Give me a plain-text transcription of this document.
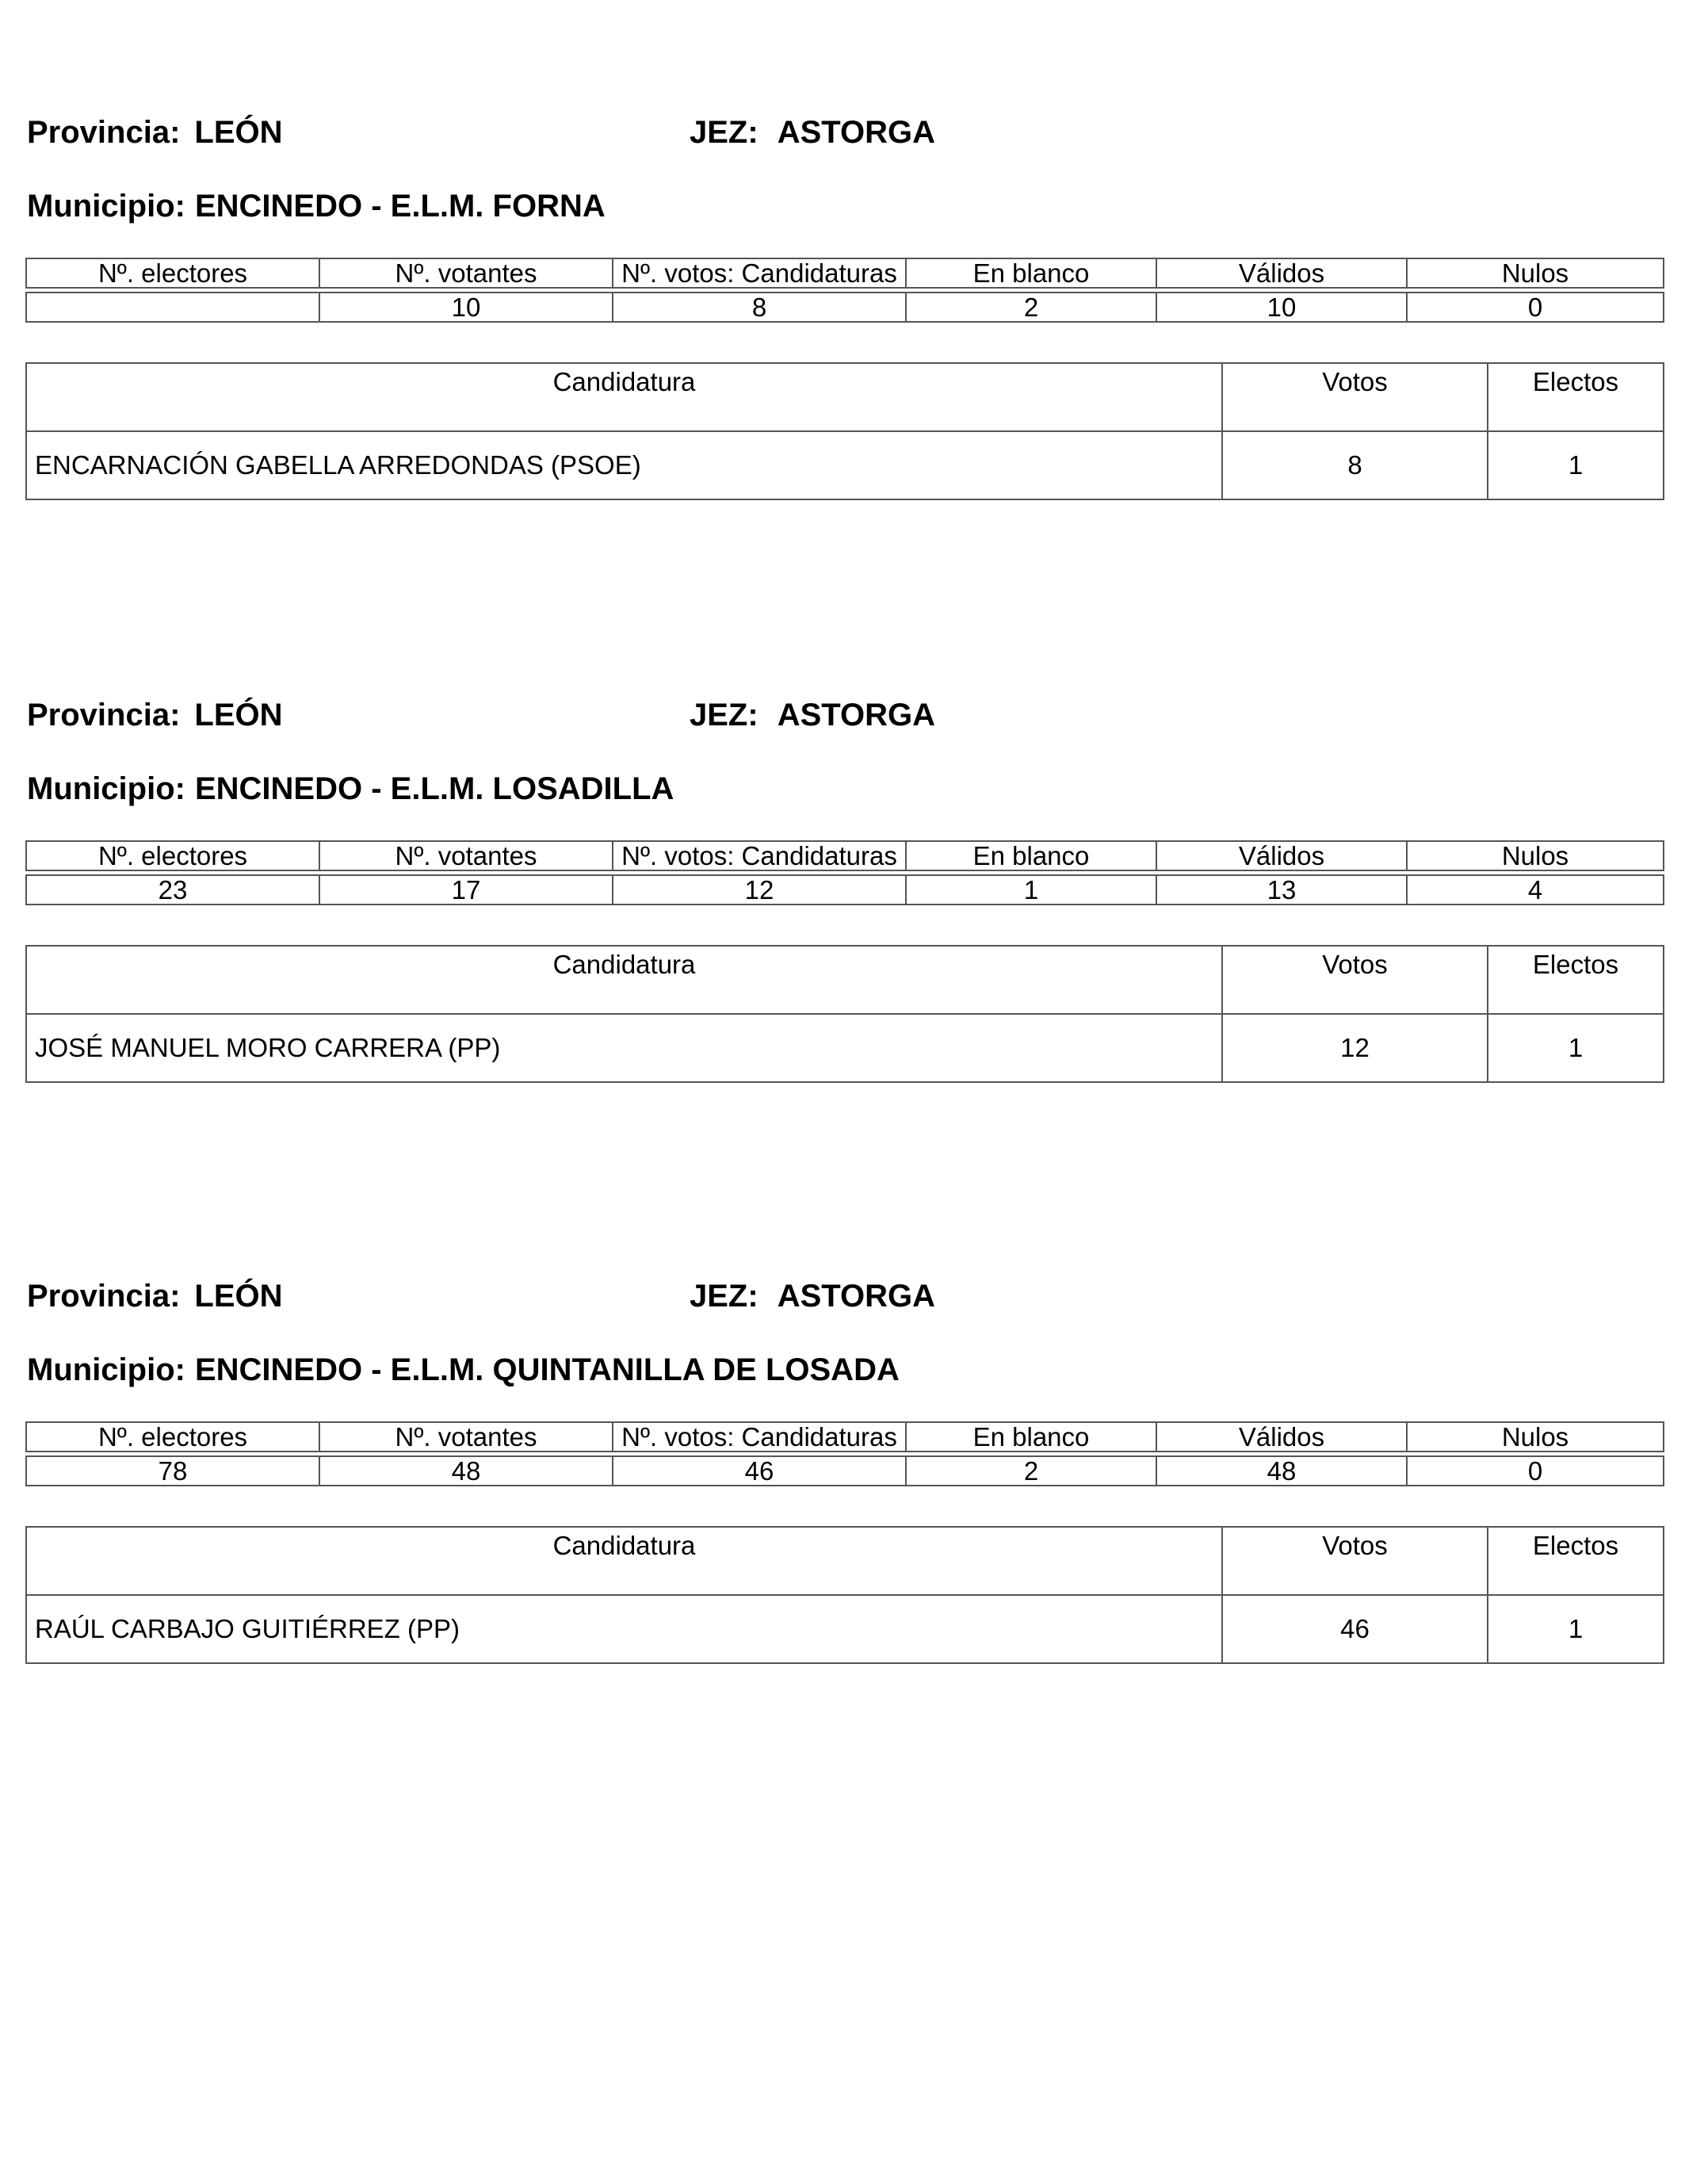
Provincia: LEÓN	JEZ: ASTORGA
Municipio: ENCINEDO - E.L.M. FORNA
Nº. electores	Nº. votantes	Nº. votos: Candidaturas	En blanco	Válidos	Nulos

	10	8	2	10	0
Candidatura	Votos	Electos
ENCARNACIÓN GABELLA ARREDONDAS (PSOE)	8	1
Provincia: LEÓN	JEZ: ASTORGA
Municipio: ENCINEDO - E.L.M. LOSADILLA
Nº. electores	Nº. votantes	Nº. votos: Candidaturas	En blanco	Válidos	Nulos

23	17	12	1	13	4
Candidatura	Votos	Electos
JOSÉ MANUEL MORO CARRERA (PP)	12	1
Provincia: LEÓN	JEZ: ASTORGA
Municipio: ENCINEDO - E.L.M. QUINTANILLA DE LOSADA
Nº. electores	Nº. votantes	Nº. votos: Candidaturas	En blanco	Válidos	Nulos

78	48	46	2	48	0
Candidatura	Votos	Electos
RAÚL CARBAJO GUITIÉRREZ (PP)	46	1
